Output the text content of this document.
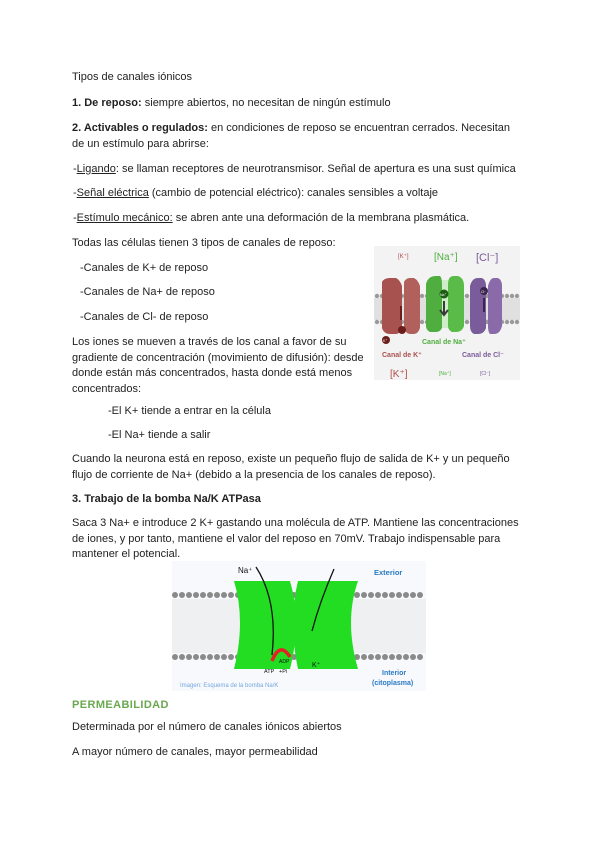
Tipos de canales iónicos

1. De reposo: siempre abiertos, no necesitan de ningún estímulo

2. Activables o regulados: en condiciones de reposo se encuentran cerrados. Necesitan de un estímulo para abrirse:

-Ligando: se llaman receptores de neurotransmisor. Señal de apertura es una sust química

-Señal eléctrica (cambio de potencial eléctrico): canales sensibles a voltaje

-Estímulo mecánico: se abren ante una deformación de la membrana plasmática.

Todas las células tienen 3 tipos de canales de reposo:

-Canales de K+ de reposo

-Canales de Na+ de reposo

-Canales de Cl- de reposo

Los iones se mueven a través de los canal a favor de su gradiente de concentración (movimiento de difusión): desde donde están más concentrados, hasta donde está menos concentrados:

-El K+ tiende a entrar en la célula

-El Na+ tiende a salir

Cuando la neurona está en reposo, existe un pequeño flujo de salida de K+ y un pequeño flujo de corriente de Na+ (debido a la presencia de los canales de reposo).

[K⁺]	[Na⁺] [Cl⁻]
Canal de K⁺
Canal de Na⁺
Canal de Cl⁻
[K⁺]	[Na⁺]	[Cl⁻]
Na⁺
Cl⁻
K⁺

3. Trabajo de la bomba Na/K ATPasa

Saca 3 Na+ e introduce 2 K+ gastando una molécula de ATP. Mantiene las concentraciones de iones, y por tanto, mantiene el valor del reposo en 70mV. Trabajo indispensable para mantener el potencial.

Na⁺
K⁺
ADP
ATP +Pi
Exterior
Interior
(citoplasma)
Imagen: Esquema de la bomba Na/K

PERMEABILIDAD

Determinada por el número de canales iónicos abiertos

A mayor número de canales, mayor permeabilidad
